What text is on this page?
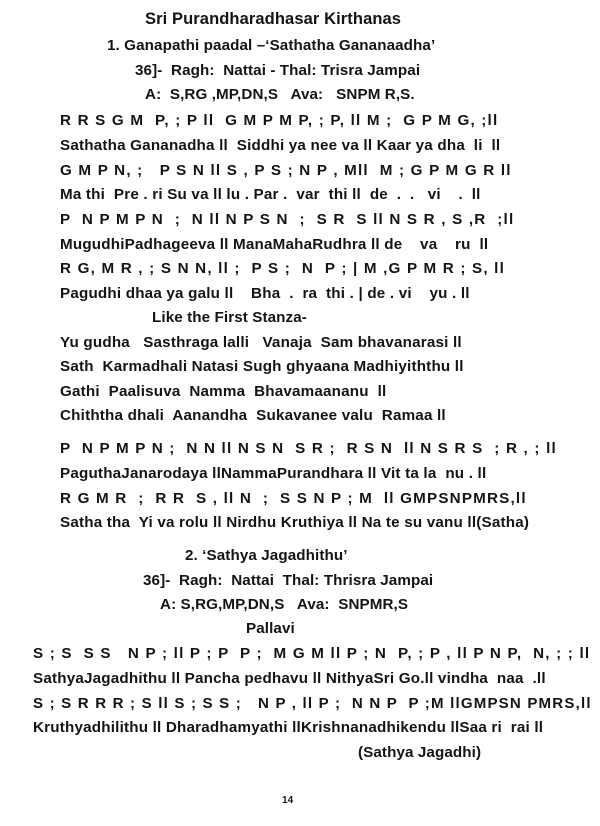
Sri Purandharadhasar Kirthanas
1. Ganapathi paadal –‘Sathatha Gananaadha’
36]-  Ragh:  Nattai - Thal: Trisra Jampai
A:  S,RG ,MP,DN,S   Ava:   SNPM R,S.
R R S G M  P, ; P ll  G M P M P, ; P, ll M ;  G P M G, ;ll
Sathatha Gananadha ll  Siddhi ya nee va ll Kaar ya dha  li  ll
G M P N, ;   P S N ll S , P S ; N P , Mll  M ; G P M G R ll
Ma thi  Pre . ri Su va ll lu . Par .  var  thi ll  de  .  .   vi    .  ll
P  N P M P N  ;  N ll N P S N  ;  S R  S ll N S R , S ,R  ;ll
MugudhiPadhageeva ll ManaMahaRudhra ll de    va    ru  ll
R G, M R , ; S N N, ll ;  P S ;  N  P ; | M ,G P M R ; S, ll
Pagudhi dhaa ya galu ll    Bha  .  ra  thi . | de . vi    yu . ll
Like the First Stanza-
Yu gudha   Sasthraga lalli   Vanaja  Sam bhavanarasi ll
Sath  Karmadhali Natasi Sugh ghyaana Madhiyiththu ll
Gathi  Paalisuva  Namma  Bhavamaananu  ll
Chiththa dhali  Aanandha  Sukavanee valu  Ramaa ll
P  N P M P N ;  N N ll N S N  S R ;  R S N  ll N S R S  ; R , ; ll
PaguthaJanarodaya llNammaPurandhara ll Vit ta la  nu . ll
R G M R  ;  R R  S , ll N  ;  S S N P ; M  ll GMPSNPMRS,ll
Satha tha  Yi va rolu ll Nirdhu Kruthiya ll Na te su vanu ll(Satha)
2. ‘Sathya Jagadhithu’
36]-  Ragh:  Nattai  Thal: Thrisra Jampai
A: S,RG,MP,DN,S   Ava:  SNPMR,S
Pallavi
S ; S  S S   N P ; ll P ; P  P ;  M G M ll P ; N  P, ; P , ll P N P,  N, ; ; ll
SathyaJagadhithu ll Pancha pedhavu ll NithyaSri Go.ll vindha  naa  .ll
S ; S R R R ; S ll S ; S S ;   N P , ll P ;  N N P  P ;M llGMPSN PMRS,ll
Kruthyadhilithu ll Dharadhamyathi llKrishnanadhikendu llSaa ri  rai ll
(Sathya Jagadhi)
14
